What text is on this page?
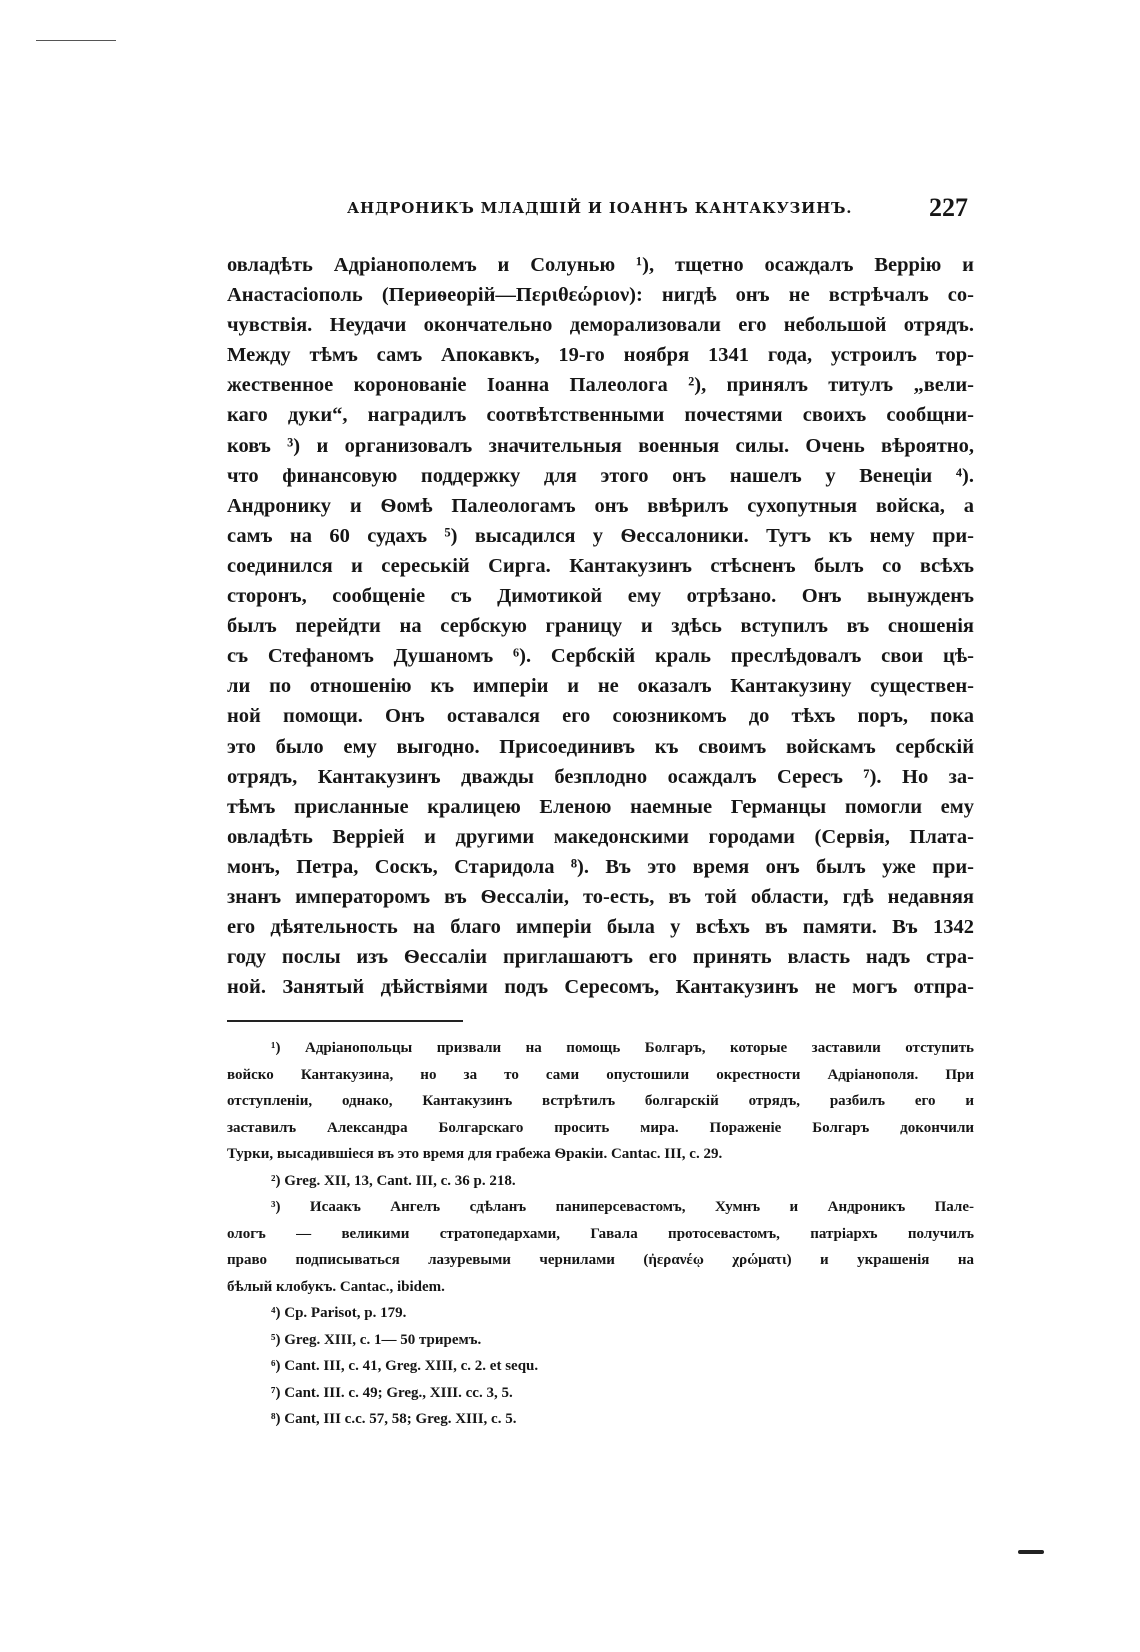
АНДРОНИКЪ МЛАДШІЙ И ІОАННЪ КАНТАКУЗИНЪ.	227
овладѣть Адріанополемъ и Солунью ¹), тщетно осаждалъ Веррію и
Анастасіополь (Периѳеорій—Περιθεώριον): нигдѣ онъ не встрѣчалъ со-
чувствія. Неудачи окончательно деморализовали его небольшой отрядъ.
Между тѣмъ самъ Апокавкъ, 19-го ноября 1341 года, устроилъ тор-
жественное коронованіе Іоанна Палеолога ²), принялъ титулъ „вели-
каго дуки“, наградилъ соотвѣтственными почестями своихъ сообщни-
ковъ ³) и организовалъ значительныя военныя силы. Очень вѣроятно,
что финансовую поддержку для этого онъ нашелъ у Венеціи ⁴).
Андронику и Ѳомѣ Палеологамъ онъ ввѣрилъ сухопутныя войска, а
самъ на 60 судахъ ⁵) высадился у Ѳессалоники. Тутъ къ нему при-
соединился и сереській Сирга. Кантакузинъ стѣсненъ былъ со всѣхъ
сторонъ, сообщеніе съ Димотикой ему отрѣзано. Онъ вынужденъ
былъ перейдти на сербскую границу и здѣсь вступилъ въ сношенія
съ Стефаномъ Душаномъ ⁶). Сербскій краль преслѣдовалъ свои цѣ-
ли по отношенію къ имперіи и не оказалъ Кантакузину существен-
ной помощи. Онъ оставался его союзникомъ до тѣхъ поръ, пока
это было ему выгодно. Присоединивъ къ своимъ войскамъ сербскій
отрядъ, Кантакузинъ дважды безплодно осаждалъ Сересъ ⁷). Но за-
тѣмъ присланные кралицею Еленою наемные Германцы помогли ему
овладѣть Верріей и другими македонскими городами (Сервія, Плата-
монъ, Петра, Соскъ, Старидола ⁸). Въ это время онъ былъ уже при-
знанъ императоромъ въ Ѳессаліи, то-есть, въ той области, гдѣ недавняя
его дѣятельность на благо имперіи была у всѣхъ въ памяти. Въ 1342
году послы изъ Ѳессаліи приглашаютъ его принять власть надъ стра-
ной. Занятый дѣйствіями подъ Сересомъ, Кантакузинъ не могъ отпра-
¹) Адріанопольцы призвали на помощь Болгаръ, которые заставили отступить
войско Кантакузина, но за то сами опустошили окрестности Адріанополя. При
отступленіи, однако, Кантакузинъ встрѣтилъ болгарскій отрядъ, разбилъ его и
заставилъ Александра Болгарскаго просить мира. Пораженіе Болгаръ докончили
Турки, высадившіеся въ это время для грабежа Ѳракіи. Cantac. III, c. 29.
²) Greg. XII, 13, Cant. III, c. 36 p. 218.
³) Исаакъ Ангелъ сдѣланъ паниперсевастомъ, Хумнъ и Андроникъ Пале-
ологъ — великими стратопедархами, Гавала протосевастомъ, патріархъ получилъ
право подписываться лазуревыми чернилами (ἠερανέῳ χρώματι) и украшенія на
бѣлый клобукъ. Cantac., ibidem.
⁴) Cp. Parisot, p. 179.
⁵) Greg. XIII, c. 1— 50 триремъ.
⁶) Cant. III, c. 41, Greg. XIII, c. 2. et sequ.
⁷) Cant. III. c. 49; Greg., XIII. cc. 3, 5.
⁸) Cant, III c.c. 57, 58; Greg. XIII, c. 5.
